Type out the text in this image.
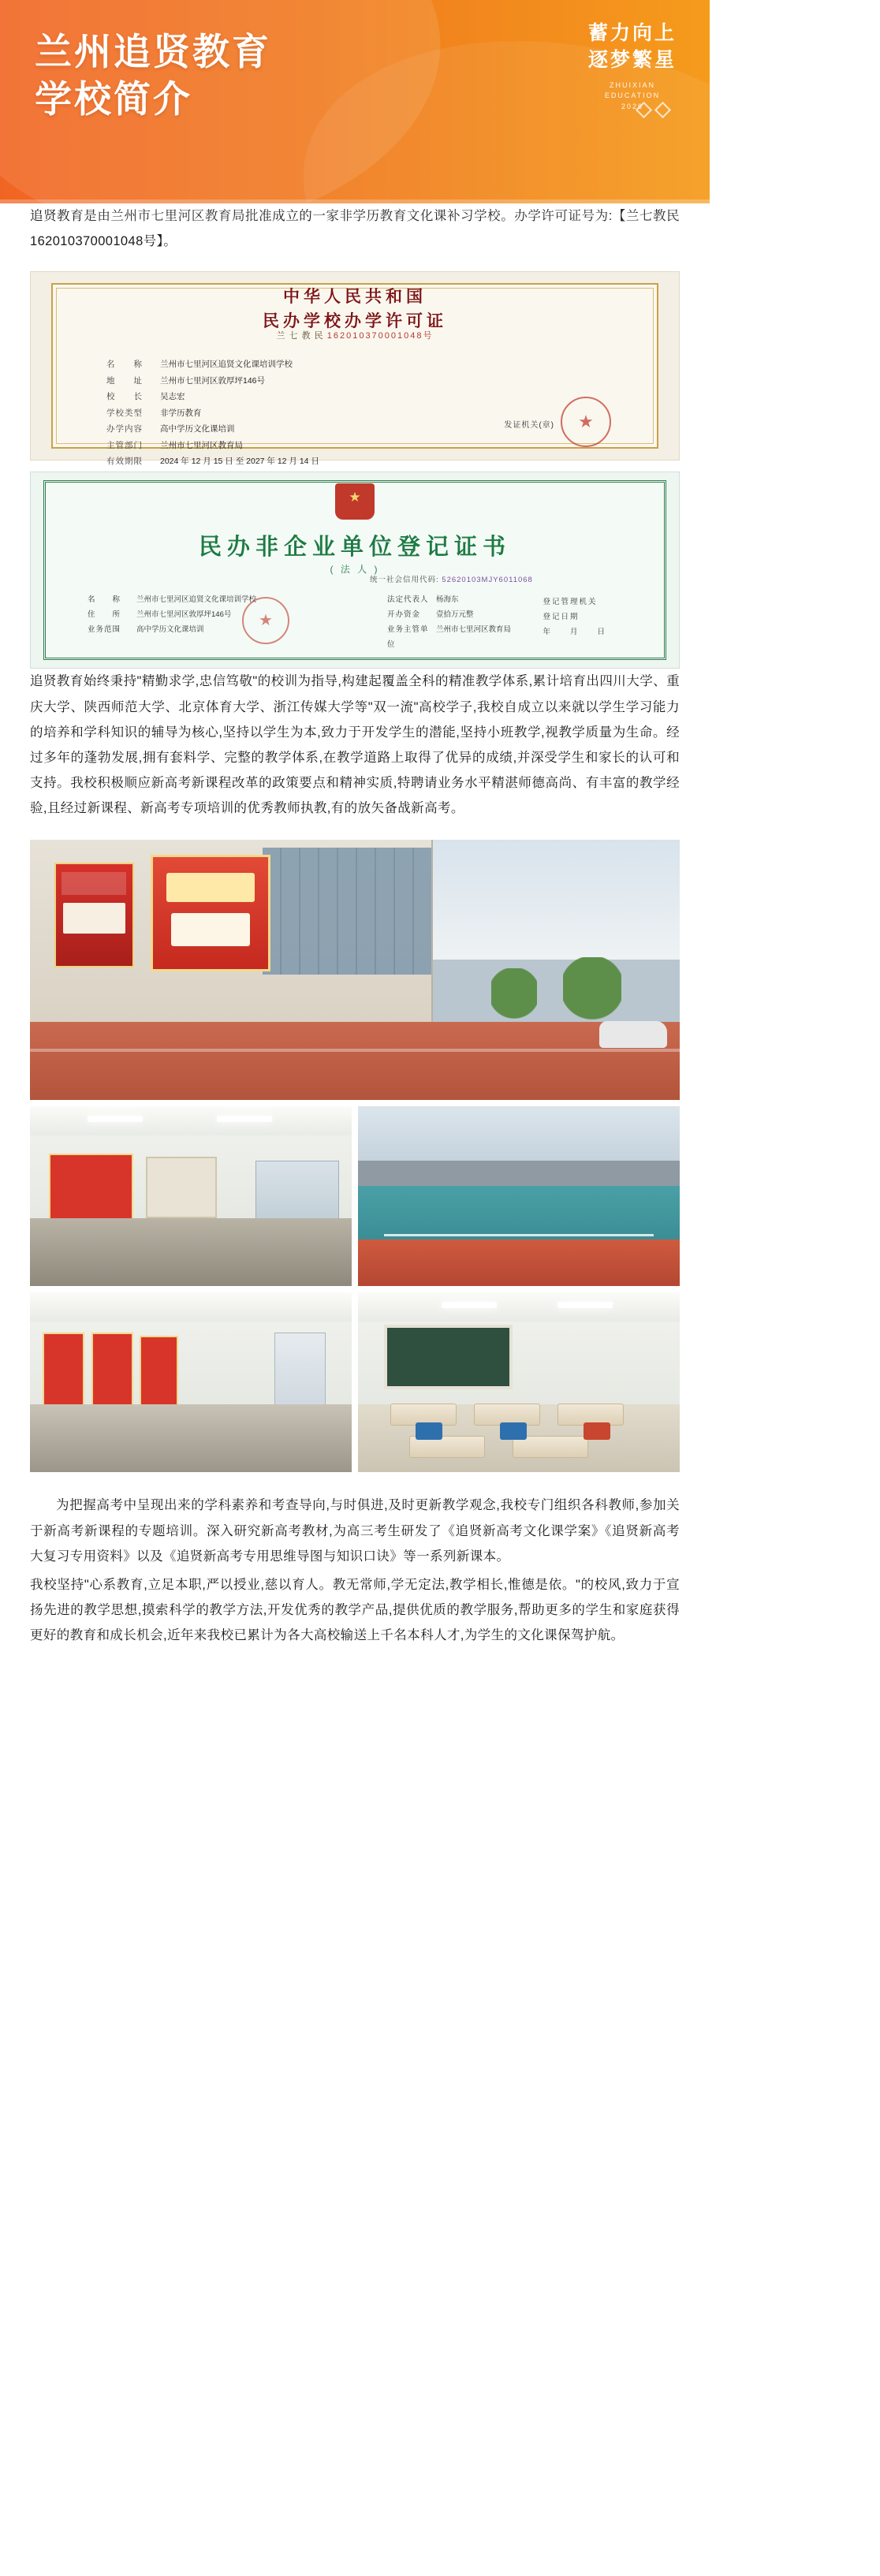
兰州追贤教育
学校简介
蓄力向上
逐梦繁星
ZHUIXIAN
EDUCATION
2026

追贤教育是由兰州市七里河区教育局批准成立的一家非学历教育文化课补习学校。办学许可证号为:【兰七教民162010370001048号】。

中华人民共和国
民办学校办学许可证
兰 七 教 民 162010370001048号
名　　称	兰州市七里河区追贤文化课培训学校
地　　址	兰州市七里河区敦厚坪146号
校　　长	吴志宏
学校类型	非学历教育
办学内容	高中学历文化课培训
主管部门	兰州市七里河区教育局
有效期限	2024 年 12 月 15 日 至 2027 年 12 月 14 日
发证机关(章) ★
★
民办非企业单位登记证书
( 法 人 )
统一社会信用代码: 52620103MJY6011068
名　　称	兰州市七里河区追贤文化课培训学校	法定代表人 杨海东
住　　所	兰州市七里河区敦厚坪146号	开办资金	壹拾万元整
业务范围	高中学历文化课培训	业务主管单位
兰州市七里河区教育局
★
登记管理机关
登记日期
年　　月　　日

追贤教育始终秉持"精勤求学,忠信笃敬"的校训为指导,构建起覆盖全科的精准教学体系,累计培育出四川大学、重庆大学、陕西师范大学、北京体育大学、浙江传媒大学等"双一流"高校学子,我校自成立以来就以学生学习能力的培养和学科知识的辅导为核心,坚持以学生为本,致力于开发学生的潜能,坚持小班教学,视教学质量为生命。经过多年的蓬勃发展,拥有套料学、完整的教学体系,在教学道路上取得了优异的成绩,并深受学生和家长的认可和支持。我校积极顺应新高考新课程改革的政策要点和精神实质,特聘请业务水平精湛师德高尚、有丰富的教学经验,且经过新课程、新高考专项培训的优秀教师执教,有的放矢备战新高考。

为把握高考中呈现出来的学科素养和考查导向,与时俱进,及时更新教学观念,我校专门组织各科教师,参加关于新高考新课程的专题培训。深入研究新高考教材,为高三考生研发了《追贤新高考文化课学案》《追贤新高考大复习专用资料》以及《追贤新高考专用思维导图与知识口诀》等一系列新课本。

我校坚持"心系教育,立足本职,严以授业,慈以育人。教无常师,学无定法,教学相长,惟德是依。"的校风,致力于宣扬先进的教学思想,摸索科学的教学方法,开发优秀的教学产品,提供优质的教学服务,帮助更多的学生和家庭获得更好的教育和成长机会,近年来我校已累计为各大高校输送上千名本科人才,为学生的文化课保驾护航。
